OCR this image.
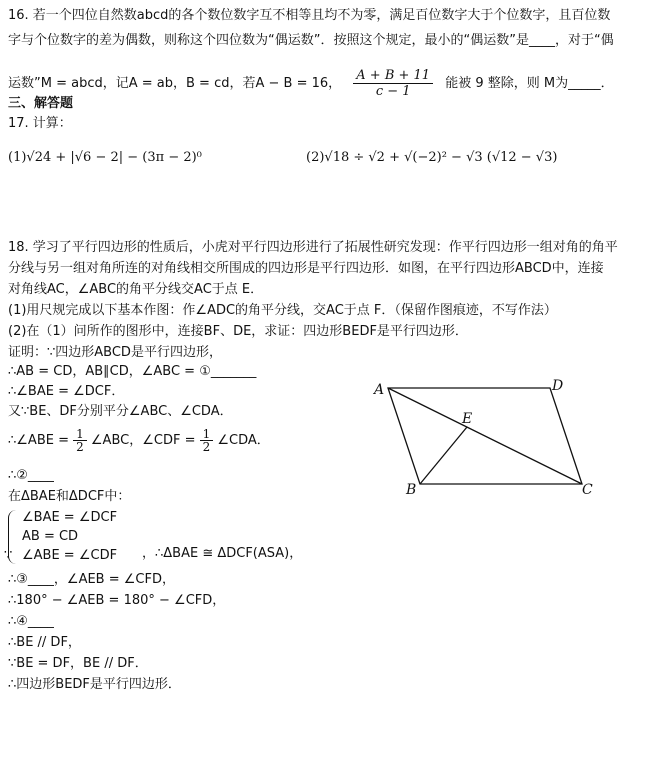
16. 若一个四位自然数abcd的各个数位数字互不相等且均不为零，满足百位数字大于个位数字，且百位数
字与个位数字的差为偶数，则称这个四位数为“偶运数”．按照这个规定，最小的“偶运数”是____，对于“偶
运数”M = abcd，记A = ab，B = cd，若A − B = 16， $\frac{A + B + 11}{c - 1}$ 能被 9 整除，则 M为_____．
三、解答题
17. 计算：
(1)√24 + |√6 − 2| − (3π − 2)⁰	(2)√18 ÷ √2 + √(−2)² − √3 (√12 − √3)
18. 学习了平行四边形的性质后，小虎对平行四边形进行了拓展性研究发现：作平行四边形一组对角的角平
分线与另一组对角所连的对角线相交所围成的四边形是平行四边形．如图，在平行四边形ABCD中，连接
对角线AC，∠ABC的角平分线交AC于点 E．
(1)用尺规完成以下基本作图：作∠ADC的角平分线，交AC于点 F．（保留作图痕迹，不写作法）
(2)在（1）问所作的图形中，连接BF、DE，求证：四边形BEDF是平行四边形．
证明：∵四边形ABCD是平行四边形，
∴AB = CD，AB∥CD，∠ABC = ①_______
∴∠BAE = ∠DCF．
又∵BE、DF分别平分∠ABC、∠CDA．
∴∠ABE = $\frac{1}{2}$ ∠ABC，∠CDF = $\frac{1}{2}$ ∠CDA．
∴②____
在ΔBAE和ΔDCF中：
∵
∠BAE = ∠DCF
AB = CD
∠ABE = ∠CDF ，∴ΔBAE ≅ ΔDCF(ASA)，
∴③____，∠AEB = ∠CFD，
∴180° − ∠AEB = 180° − ∠CFD，
∴④____
∴BE // DF，
∵BE = DF，BE // DF．
∴四边形BEDF是平行四边形．
A	D
E
B	C
